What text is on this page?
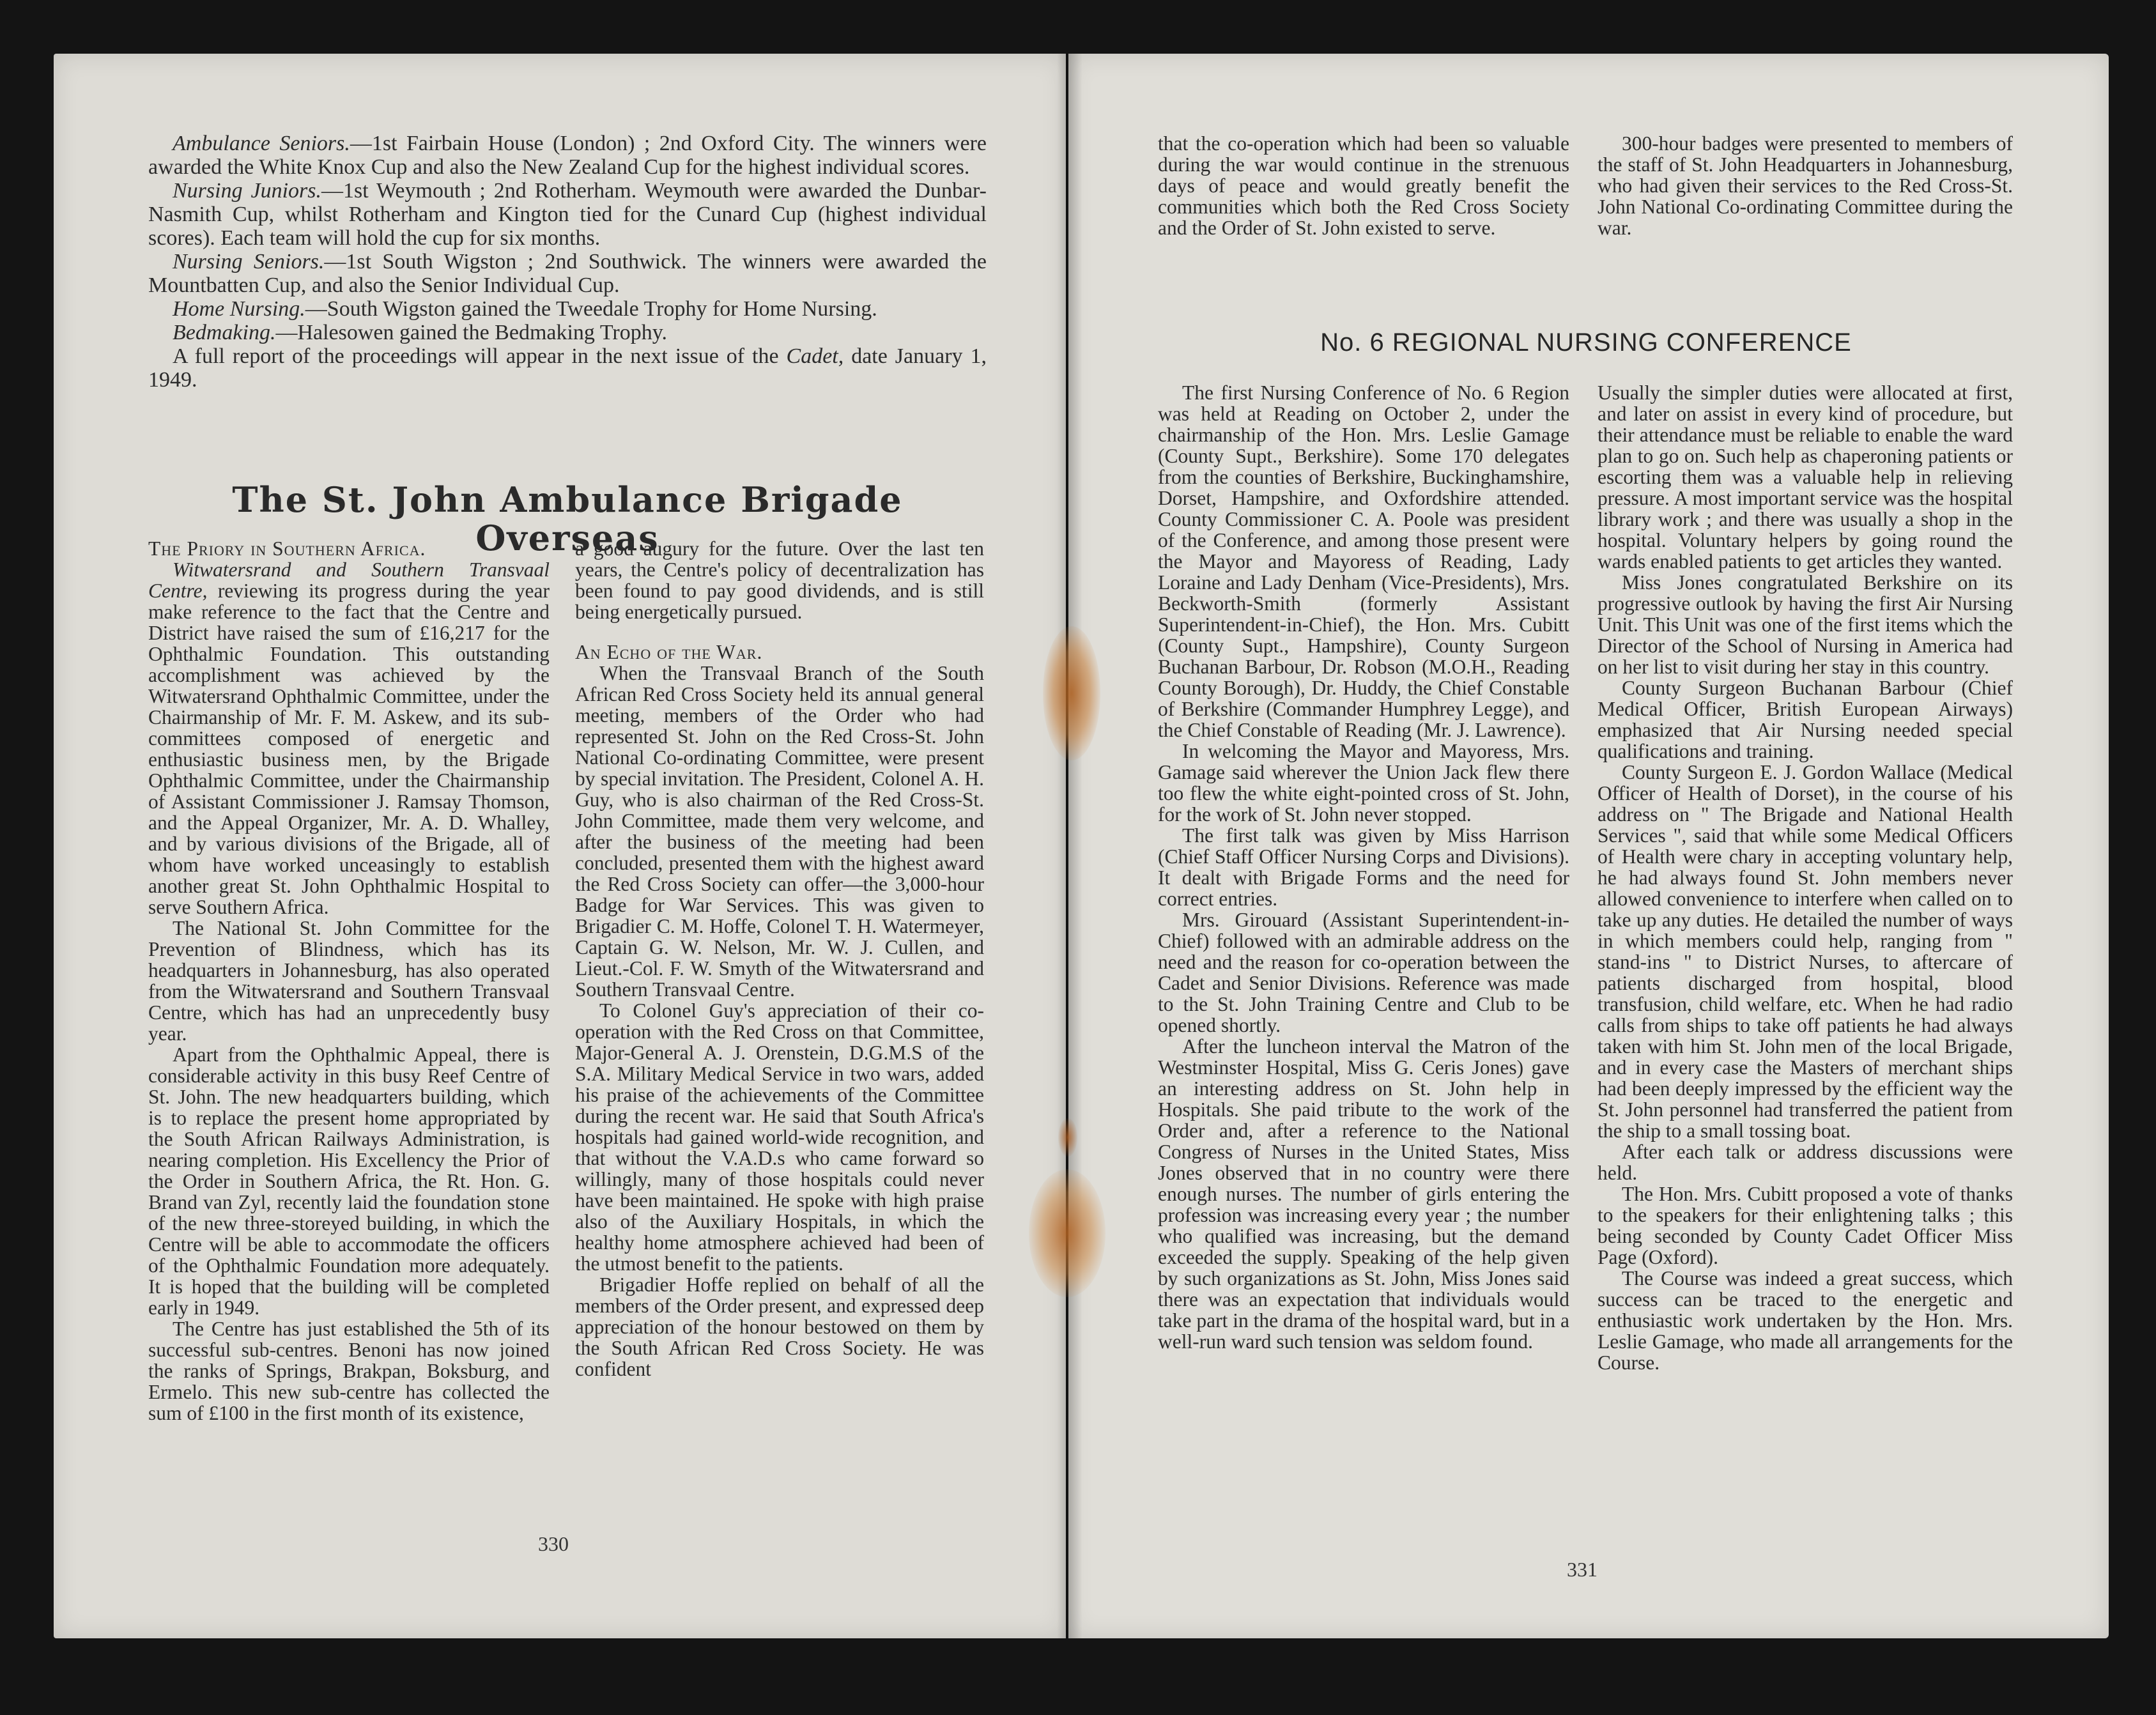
Ambulance Seniors.—1st Fairbain House (London) ; 2nd Oxford City. The winners were awarded the White Knox Cup and also the New Zealand Cup for the highest individual scores.

Nursing Juniors.—1st Weymouth ; 2nd Rotherham. Weymouth were awarded the Dunbar-Nasmith Cup, whilst Rotherham and Kington tied for the Cunard Cup (highest individual scores). Each team will hold the cup for six months.

Nursing Seniors.—1st South Wigston ; 2nd Southwick. The winners were awarded the Mountbatten Cup, and also the Senior Individual Cup.

Home Nursing.—South Wigston gained the Tweedale Trophy for Home Nursing.

Bedmaking.—Halesowen gained the Bedmaking Trophy.

A full report of the proceedings will appear in the next issue of the Cadet, date January 1, 1949.

The St. John Ambulance Brigade Overseas

The Priory in Southern Africa.

Witwatersrand and Southern Transvaal Centre, reviewing its progress during the year make reference to the fact that the Centre and District have raised the sum of £16,217 for the Ophthalmic Foundation. This outstanding accomplishment was achieved by the Witwatersrand Ophthalmic Committee, under the Chairmanship of Mr. F. M. Askew, and its sub-committees composed of energetic and enthusiastic business men, by the Brigade Ophthalmic Committee, under the Chairmanship of Assistant Commissioner J. Ramsay Thomson, and the Appeal Organizer, Mr. A. D. Whalley, and by various divisions of the Brigade, all of whom have worked unceasingly to establish another great St. John Ophthalmic Hospital to serve Southern Africa.

The National St. John Committee for the Prevention of Blindness, which has its headquarters in Johannesburg, has also operated from the Witwatersrand and Southern Transvaal Centre, which has had an unprecedently busy year.

Apart from the Ophthalmic Appeal, there is considerable activity in this busy Reef Centre of St. John. The new headquarters building, which is to replace the present home appropriated by the South African Railways Administration, is nearing completion. His Excellency the Prior of the Order in Southern Africa, the Rt. Hon. G. Brand van Zyl, recently laid the foundation stone of the new three-storeyed building, in which the Centre will be able to accommodate the officers of the Ophthalmic Foundation more adequately. It is hoped that the building will be completed early in 1949.

The Centre has just established the 5th of its successful sub-centres. Benoni has now joined the ranks of Springs, Brakpan, Boksburg, and Ermelo. This new sub-centre has collected the sum of £100 in the first month of its existence,

a good augury for the future. Over the last ten years, the Centre's policy of decentralization has been found to pay good dividends, and is still being energetically pursued.

An Echo of the War.

When the Transvaal Branch of the South African Red Cross Society held its annual general meeting, members of the Order who had represented St. John on the Red Cross-St. John National Co-ordinating Committee, were present by special invitation. The President, Colonel A. H. Guy, who is also chairman of the Red Cross-St. John Committee, made them very welcome, and after the business of the meeting had been concluded, presented them with the highest award the Red Cross Society can offer—the 3,000-hour Badge for War Services. This was given to Brigadier C. M. Hoffe, Colonel T. H. Watermeyer, Captain G. W. Nelson, Mr. W. J. Cullen, and Lieut.-Col. F. W. Smyth of the Witwatersrand and Southern Transvaal Centre.

To Colonel Guy's appreciation of their co-operation with the Red Cross on that Committee, Major-General A. J. Orenstein, D.G.M.S of the S.A. Military Medical Service in two wars, added his praise of the achievements of the Committee during the recent war. He said that South Africa's hospitals had gained world-wide recognition, and that without the V.A.D.s who came forward so willingly, many of those hospitals could never have been maintained. He spoke with high praise also of the Auxiliary Hospitals, in which the healthy home atmosphere achieved had been of the utmost benefit to the patients.

Brigadier Hoffe replied on behalf of all the members of the Order present, and expressed deep appreciation of the honour bestowed on them by the South African Red Cross Society. He was confident

330

that the co-operation which had been so valuable during the war would continue in the strenuous days of peace and would greatly benefit the communities which both the Red Cross Society and the Order of St. John existed to serve.

300-hour badges were presented to members of the staff of St. John Headquarters in Johannesburg, who had given their services to the Red Cross-St. John National Co-ordinating Committee during the war.

No. 6 REGIONAL NURSING CONFERENCE

The first Nursing Conference of No. 6 Region was held at Reading on October 2, under the chairmanship of the Hon. Mrs. Leslie Gamage (County Supt., Berkshire). Some 170 delegates from the counties of Berkshire, Buckinghamshire, Dorset, Hampshire, and Oxfordshire attended. County Commissioner C. A. Poole was president of the Conference, and among those present were the Mayor and Mayoress of Reading, Lady Loraine and Lady Denham (Vice-Presidents), Mrs. Beckworth-Smith (formerly Assistant Superintendent-in-Chief), the Hon. Mrs. Cubitt (County Supt., Hampshire), County Surgeon Buchanan Barbour, Dr. Robson (M.O.H., Reading County Borough), Dr. Huddy, the Chief Constable of Berkshire (Commander Humphrey Legge), and the Chief Constable of Reading (Mr. J. Lawrence).

In welcoming the Mayor and Mayoress, Mrs. Gamage said wherever the Union Jack flew there too flew the white eight-pointed cross of St. John, for the work of St. John never stopped.

The first talk was given by Miss Harrison (Chief Staff Officer Nursing Corps and Divisions). It dealt with Brigade Forms and the need for correct entries.

Mrs. Girouard (Assistant Superintendent-in-Chief) followed with an admirable address on the need and the reason for co-operation between the Cadet and Senior Divisions. Reference was made to the St. John Training Centre and Club to be opened shortly.

After the luncheon interval the Matron of the Westminster Hospital, Miss G. Ceris Jones) gave an interesting address on St. John help in Hospitals. She paid tribute to the work of the Order and, after a reference to the National Congress of Nurses in the United States, Miss Jones observed that in no country were there enough nurses. The number of girls entering the profession was increasing every year ; the number who qualified was increasing, but the demand exceeded the supply. Speaking of the help given by such organizations as St. John, Miss Jones said there was an expectation that individuals would take part in the drama of the hospital ward, but in a well-run ward such tension was seldom found.

Usually the simpler duties were allocated at first, and later on assist in every kind of procedure, but their attendance must be reliable to enable the ward plan to go on. Such help as chaperoning patients or escorting them was a valuable help in relieving pressure. A most important service was the hospital library work ; and there was usually a shop in the hospital. Voluntary helpers by going round the wards enabled patients to get articles they wanted.

Miss Jones congratulated Berkshire on its progressive outlook by having the first Air Nursing Unit. This Unit was one of the first items which the Director of the School of Nursing in America had on her list to visit during her stay in this country.

County Surgeon Buchanan Barbour (Chief Medical Officer, British European Airways) emphasized that Air Nursing needed special qualifications and training.

County Surgeon E. J. Gordon Wallace (Medical Officer of Health of Dorset), in the course of his address on " The Brigade and National Health Services ", said that while some Medical Officers of Health were chary in accepting voluntary help, he had always found St. John members never allowed convenience to interfere when called on to take up any duties. He detailed the number of ways in which members could help, ranging from " stand-ins " to District Nurses, to aftercare of patients discharged from hospital, blood transfusion, child welfare, etc. When he had radio calls from ships to take off patients he had always taken with him St. John men of the local Brigade, and in every case the Masters of merchant ships had been deeply impressed by the efficient way the St. John personnel had transferred the patient from the ship to a small tossing boat.

After each talk or address discussions were held.

The Hon. Mrs. Cubitt proposed a vote of thanks to the speakers for their enlightening talks ; this being seconded by County Cadet Officer Miss Page (Oxford).

The Course was indeed a great success, which success can be traced to the energetic and enthusiastic work undertaken by the Hon. Mrs. Leslie Gamage, who made all arrangements for the Course.

331
